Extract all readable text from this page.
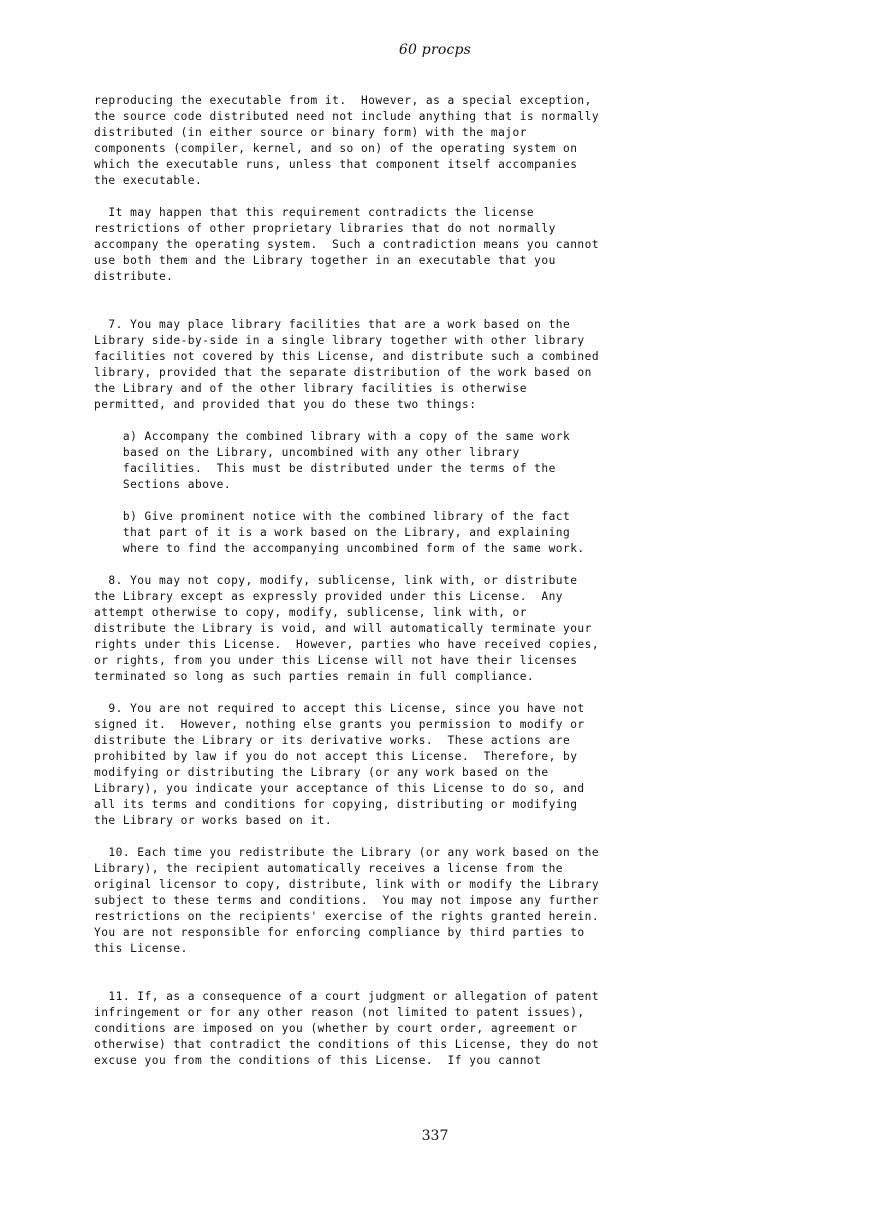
60 procps
reproducing the executable from it.  However, as a special exception,
the source code distributed need not include anything that is normally
distributed (in either source or binary form) with the major
components (compiler, kernel, and so on) of the operating system on
which the executable runs, unless that component itself accompanies
the executable.
It may happen that this requirement contradicts the license
restrictions of other proprietary libraries that do not normally
accompany the operating system.  Such a contradiction means you cannot
use both them and the Library together in an executable that you
distribute.
7. You may place library facilities that are a work based on the
Library side-by-side in a single library together with other library
facilities not covered by this License, and distribute such a combined
library, provided that the separate distribution of the work based on
the Library and of the other library facilities is otherwise
permitted, and provided that you do these two things:
a) Accompany the combined library with a copy of the same work
based on the Library, uncombined with any other library
facilities.  This must be distributed under the terms of the
Sections above.
b) Give prominent notice with the combined library of the fact
that part of it is a work based on the Library, and explaining
where to find the accompanying uncombined form of the same work.
8. You may not copy, modify, sublicense, link with, or distribute
the Library except as expressly provided under this License.  Any
attempt otherwise to copy, modify, sublicense, link with, or
distribute the Library is void, and will automatically terminate your
rights under this License.  However, parties who have received copies,
or rights, from you under this License will not have their licenses
terminated so long as such parties remain in full compliance.
9. You are not required to accept this License, since you have not
signed it.  However, nothing else grants you permission to modify or
distribute the Library or its derivative works.  These actions are
prohibited by law if you do not accept this License.  Therefore, by
modifying or distributing the Library (or any work based on the
Library), you indicate your acceptance of this License to do so, and
all its terms and conditions for copying, distributing or modifying
the Library or works based on it.
10. Each time you redistribute the Library (or any work based on the
Library), the recipient automatically receives a license from the
original licensor to copy, distribute, link with or modify the Library
subject to these terms and conditions.  You may not impose any further
restrictions on the recipients' exercise of the rights granted herein.
You are not responsible for enforcing compliance by third parties to
this License.
11. If, as a consequence of a court judgment or allegation of patent
infringement or for any other reason (not limited to patent issues),
conditions are imposed on you (whether by court order, agreement or
otherwise) that contradict the conditions of this License, they do not
excuse you from the conditions of this License.  If you cannot
337
